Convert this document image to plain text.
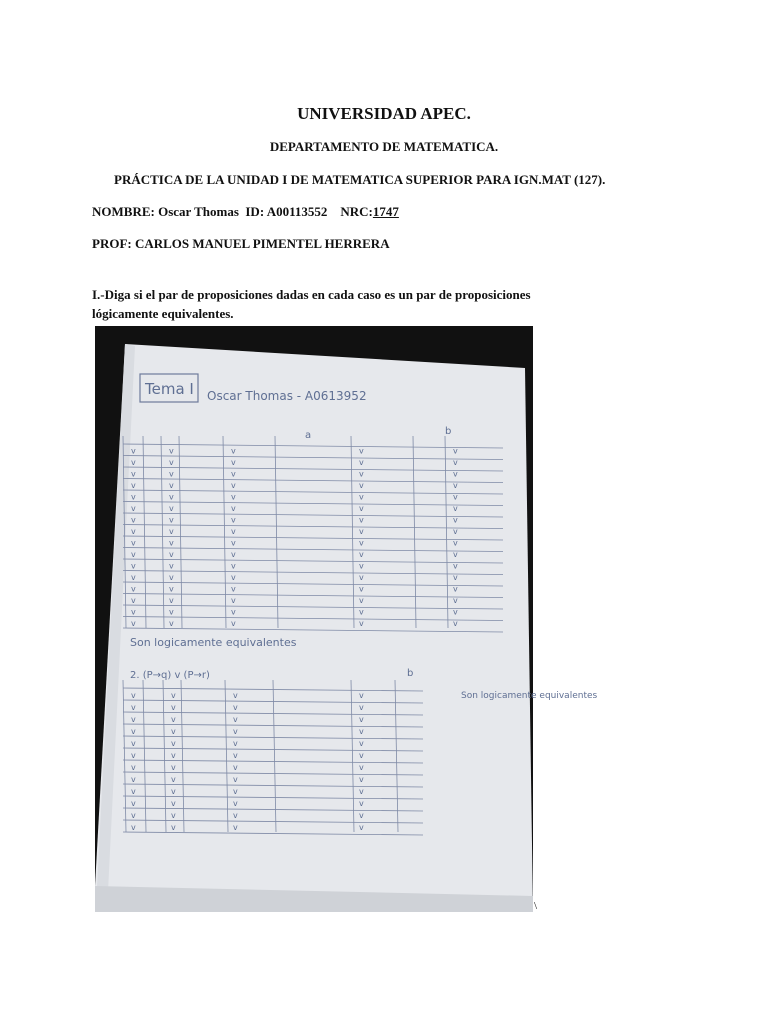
UNIVERSIDAD APEC.
DEPARTAMENTO DE MATEMATICA.
PRÁCTICA DE LA UNIDAD I DE MATEMATICA SUPERIOR PARA IGN.MAT (127).
NOMBRE: Oscar Thomas ID: A00113552 NRC:1747
PROF: CARLOS MANUEL PIMENTEL HERRERA
I.-Diga si el par de proposiciones dadas en cada caso es un par de proposiciones
lógicamente equivalentes.
Tema I Oscar Thomas - A0613952
a	b
v	v	v	v	v
v	v	v	v	v
v	v	v	v	v
v	v	v	v	v
v	v	v	v	v
v	v	v	v	v
v	v	v	v	v
v	v	v	v	v
v	v	v	v	v
v	v	v	v	v
v	v	v	v	v
v	v	v	v	v
v	v	v	v	v
v	v	v	v	v
v	v	v	v	v
v	v	v	v	v
Son logicamente equivalentes
2. (P→q) v (P→r)	b
v	v	v	v
v	v	v	v
v	v	v	v
v	v	v	v
v	v	v	v
v	v	v	v
v	v	v	v
v	v	v	v
v	v	v	v
v	v	v	v
v	v	v	v
v	v	v	v
Son logicamente equivalentes
\
